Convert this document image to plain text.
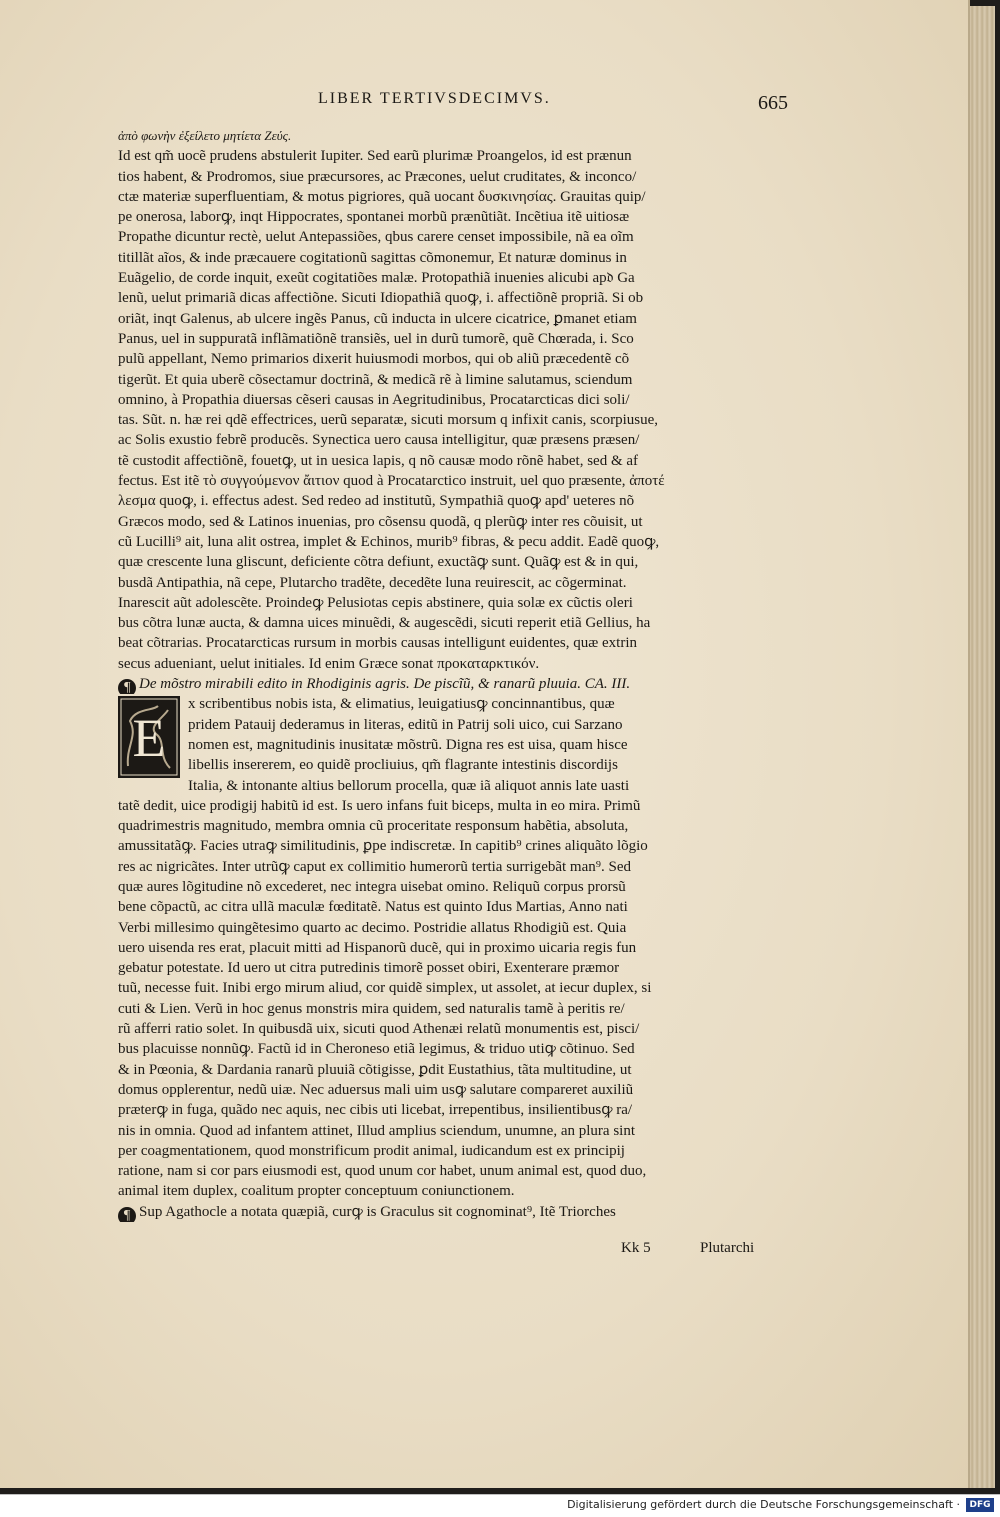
LIBER TERTIVSDECIMVS.	665
ἀπὸ φωνὴν ἐξείλετο μητίετα Ζεύς.
Id est qm̃ uocẽ prudens abstulerit Iupiter. Sed earũ plurimæ Proangelos, id est prænun
tios habent, & Prodromos, siue præcursores, ac Præcones, uelut cruditates, & inconco/
ctæ materiæ superfluentiam, & motus pigriores, quã uocant δυσκινησίας. Grauitas quip/
pe onerosa, laborꝙ, inqt Hippocrates, spontanei morbũ prænũtiãt. Incẽtiua itẽ uitiosæ
Propathe dicuntur rectè, uelut Antepassiões, qbus carere censet impossibile, nã ea oĩm
titillãt aĩos, & inde præcauere cogitationũ sagittas cõmonemur, Et naturæ dominus in
Euãgelio, de corde inquit, exeũt cogitatiões malæ. Protopathiã inuenies alicubi ap𝔡 Ga
lenũ, uelut primariã dicas affectiõne. Sicuti Idiopathiã quoꝙ, i. affectiõnẽ propriã. Si ob
oriãt, inqt Galenus, ab ulcere ingẽs Panus, cũ inducta in ulcere cicatrice, ꝑmanet etiam
Panus, uel in suppuratã inflãmatiõnẽ transiẽs, uel in durũ tumorẽ, quẽ Chœrada, i. Sco
pulũ appellant, Nemo primarios dixerit huiusmodi morbos, qui ob aliũ præcedentẽ cõ
tigerũt. Et quia uberẽ cõsectamur doctrinã, & medicã rẽ à limine salutamus, sciendum
omnino, à Propathia diuersas cẽseri causas in Aegritudinibus, Procatarcticas dici soli/
tas. Sũt. n. hæ rei qdẽ effectrices, uerũ separatæ, sicuti morsum q infixit canis, scorpiusue,
ac Solis exustio febrẽ producẽs. Synectica uero causa intelligitur, quæ præsens præsen/
tẽ custodit affectiõnẽ, fouetꝙ, ut in uesica lapis, q nõ causæ modo rõnẽ habet, sed & af
fectus. Est itẽ τὸ συγγούμενον ἄιτιον quod à Procatarctico instruit, uel quo præsente, ἀποτέ
λεσμα quoꝙ, i. effectus adest. Sed redeo ad institutũ, Sympathiã quoꝙ apd' ueteres nõ
Græcos modo, sed & Latinos inuenias, pro cõsensu quodã, q plerũꝙ inter res cõuisit, ut
cũ Lucilli⁹ ait, luna alit ostrea, implet & Echinos, murib⁹ fibras, & pecu addit. Eadẽ quoꝙ,
quæ crescente luna gliscunt, deficiente cõtra defiunt, exuctãꝙ sunt. Quãꝙ est & in qui,
busdã Antipathia, nã cepe, Plutarcho tradẽte, decedẽte luna reuirescit, ac cõgerminat.
Inarescit aũt adolescẽte. Proindeꝙ Pelusiotas cepis abstinere, quia solæ ex cũctis oleri
bus cõtra lunæ aucta, & damna uices minuẽdi, & augescẽdi, sicuti reperit etiã Gellius, ha
beat cõtrarias. Procatarcticas rursum in morbis causas intelligunt euidentes, quæ extrin
secus adueniant, uelut initiales. Id enim Græce sonat προκαταρκτικόν.
¶ De mõstro mirabili edito in Rhodiginis agris. De piscĩũ, & ranarũ pluuia. CA. III.
E
x scribentibus nobis ista, & elimatius, leuigatiusꝙ concinnantibus, quæ
pridem Patauij dederamus in literas, editũ in Patrij soli uico, cui Sarzano
nomen est, magnitudinis inusitatæ mõstrũ. Digna res est uisa, quam hisce
libellis insererem, eo quidẽ procliuius, qm̃ flagrante intestinis discordijs
Italia, & intonante altius bellorum procella, quæ iã aliquot annis late uasti
tatẽ dedit, uice prodigij habitũ id est. Is uero infans fuit biceps, multa in eo mira. Primũ
quadrimestris magnitudo, membra omnia cũ proceritate responsum habẽtia, absoluta,
amussitatãꝙ. Facies utraꝙ similitudinis, ꝑpe indiscretæ. In capitib⁹ crines aliquãto lõgio
res ac nigricãtes. Inter utrũꝙ caput ex collimitio humerorũ tertia surrigebãt man⁹. Sed
quæ aures lõgitudine nõ excederet, nec integra uisebat omino. Reliquũ corpus prorsũ
bene cõpactũ, ac citra ullã maculæ fœditatẽ. Natus est quinto Idus Martias, Anno nati
Verbi millesimo quingẽtesimo quarto ac decimo. Postridie allatus Rhodigiũ est. Quia
uero uisenda res erat, placuit mitti ad Hispanorũ ducẽ, qui in proximo uicaria regis fun
gebatur potestate. Id uero ut citra putredinis timorẽ posset obiri, Exenterare præmor
tuũ, necesse fuit. Inibi ergo mirum aliud, cor quidẽ simplex, ut assolet, at iecur duplex, si
cuti & Lien. Verũ in hoc genus monstris mira quidem, sed naturalis tamẽ à peritis re/
rũ afferri ratio solet. In quibusdã uix, sicuti quod Athenæi relatũ monumentis est, pisci/
bus placuisse nonnũꝙ. Factũ id in Cheroneso etiã legimus, & triduo utiꝙ cõtinuo. Sed
& in Pœonia, & Dardania ranarũ pluuiã cõtigisse, ꝑdit Eustathius, tãta multitudine, ut
domus opplerentur, nedũ uiæ. Nec aduersus mali uim usꝙ salutare compareret auxiliũ
præterꝙ in fuga, quãdo nec aquis, nec cibis uti licebat, irrepentibus, insilientibusꝙ ra/
nis in omnia. Quod ad infantem attinet, Illud amplius sciendum, unumne, an plura sint
per coagmentationem, quod monstrificum prodit animal, iudicandum est ex principij
ratione, nam si cor pars eiusmodi est, quod unum cor habet, unum animal est, quod duo,
animal item duplex, coalitum propter conceptuum coniunctionem.
¶ Sup Agathocle a notata quæpiã, curꝙ is Graculus sit cognominat⁹, Itẽ Triorches
Kk 5	Plutarchi
Digitalisierung gefördert durch die Deutsche Forschungsgemeinschaft ·	DFG
